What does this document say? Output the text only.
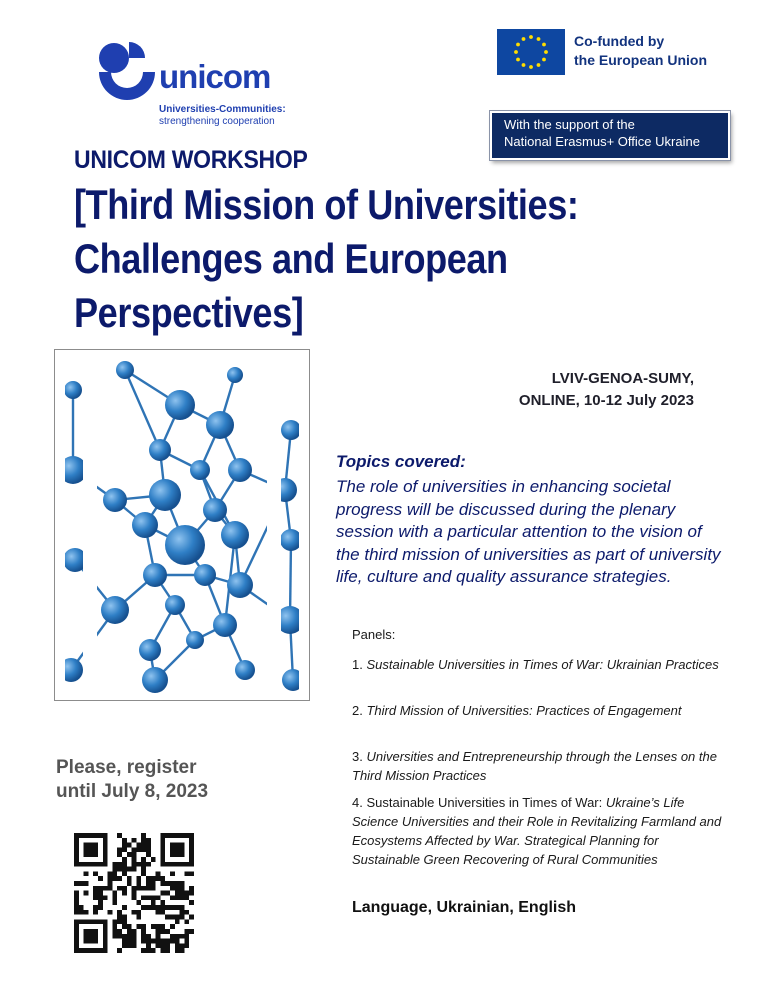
unicom
Universities-Communities:
strengthening cooperation
Co-funded by
the European Union
With the support of the
National Erasmus+ Office Ukraine
UNICOM WORKSHOP
[Third Mission of Universities:
Challenges and European
Perspectives]
LVIV-GENOA-SUMY,
ONLINE, 10-12 July 2023
Topics covered:
The role of universities in enhancing societal progress will be discussed during the plenary session with a particular attention to the vision of the third mission of universities as part of university life, culture and quality assurance strategies.
Panels:
1. Sustainable Universities in Times of War: Ukrainian Practices
2. Third Mission of Universities: Practices of Engagement
3. Universities and Entrepreneurship through the Lenses on the Third Mission Practices
4. Sustainable Universities in Times of War: Ukraine’s Life Science Universities and their Role in Revitalizing Farmland and Ecosystems Affected by War. Strategical Planning for Sustainable Green Recovering of Rural Communities
Language, Ukrainian, English
Please, register
until July 8, 2023
